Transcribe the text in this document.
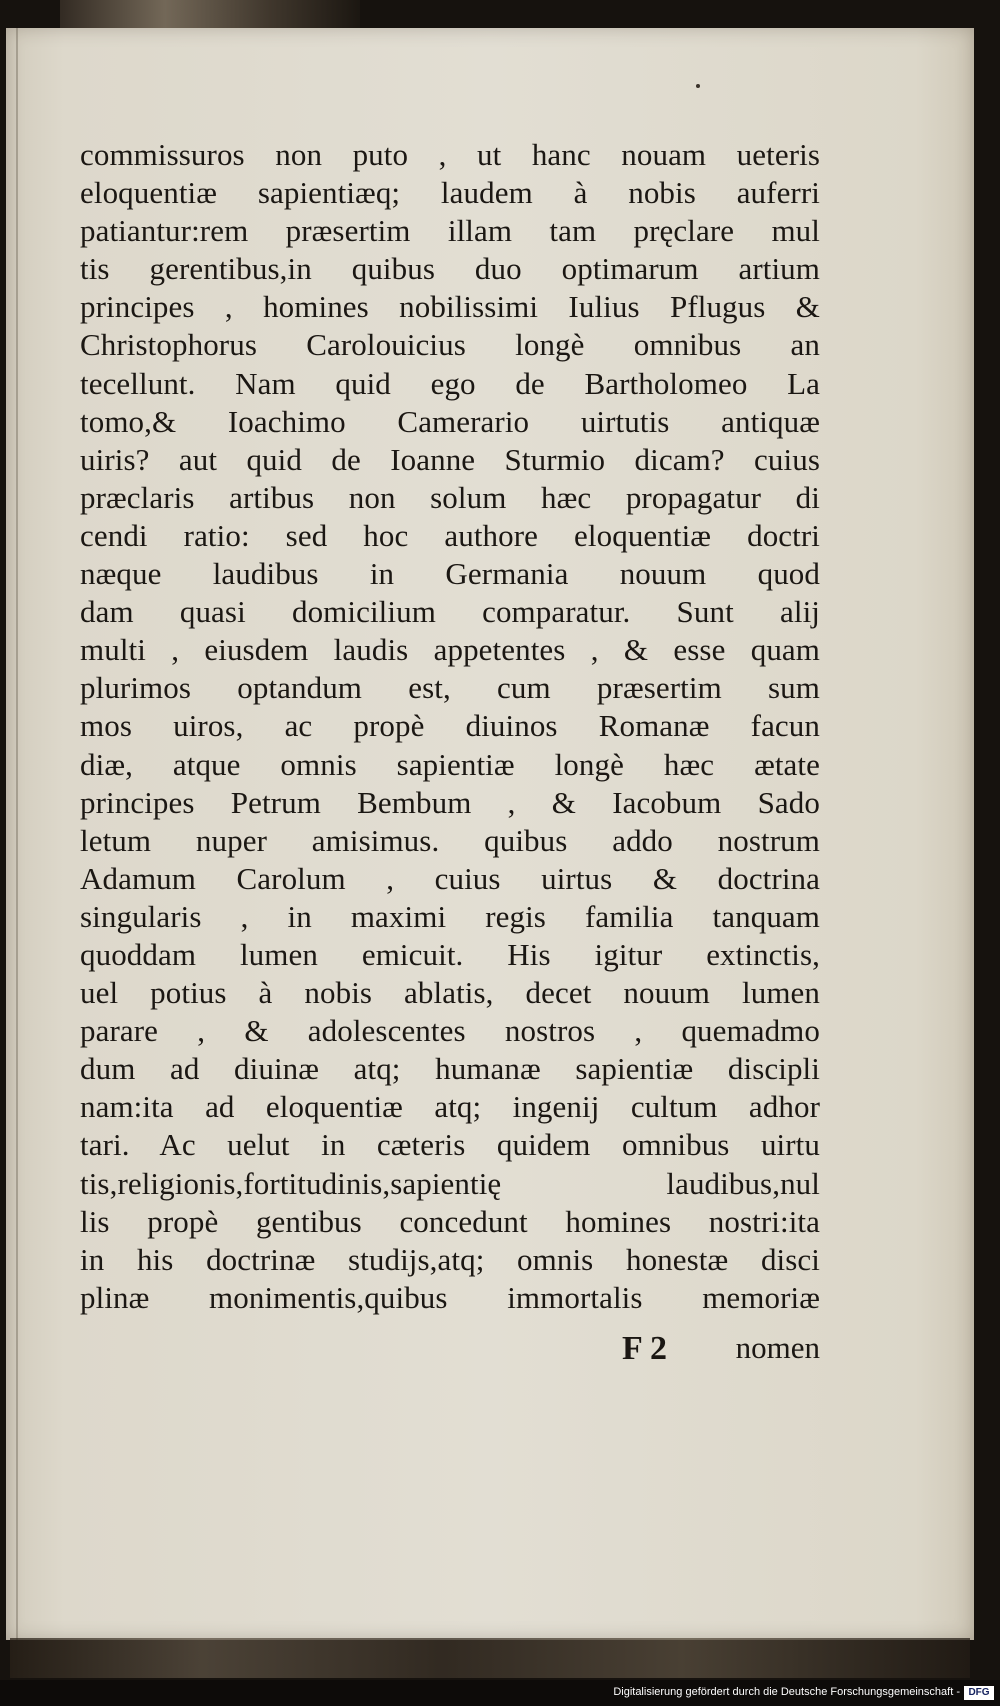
commissuros non puto , ut hanc nouam ueteris
eloquentiæ sapientiæq; laudem à nobis auferri
patiantur:rem præsertim illam tam pręclare mul
tis gerentibus,in quibus duo optimarum artium
principes , homines nobilissimi Iulius Pflugus &
Christophorus Carolouicius longè omnibus an
tecellunt. Nam quid ego de Bartholomeo La
tomo,& Ioachimo Camerario uirtutis antiquæ
uiris? aut quid de Ioanne Sturmio dicam? cuius
præclaris artibus non solum hæc propagatur di
cendi ratio: sed hoc authore eloquentiæ doctri
næque laudibus in Germania nouum quod
dam quasi domicilium comparatur. Sunt alij
multi , eiusdem laudis appetentes , & esse quam
plurimos optandum est, cum præsertim sum
mos uiros, ac propè diuinos Romanæ facun
diæ, atque omnis sapientiæ longè hæc ætate
principes Petrum Bembum , & Iacobum Sado
letum nuper amisimus. quibus addo nostrum
Adamum Carolum , cuius uirtus & doctrina
singularis , in maximi regis familia tanquam
quoddam lumen emicuit. His igitur extinctis,
uel potius à nobis ablatis, decet nouum lumen
parare , & adolescentes nostros , quemadmo
dum ad diuinæ atq; humanæ sapientiæ discipli
nam:ita ad eloquentiæ atq; ingenij cultum adhor
tari. Ac uelut in cæteris quidem omnibus uirtu
tis,religionis,fortitudinis,sapientię laudibus,nul
lis propè gentibus concedunt homines nostri:ita
in his doctrinæ studijs,atq; omnis honestæ disci
plinæ monimentis,quibus immortalis memoriæ
F 2 nomen
Digitalisierung gefördert durch die Deutsche Forschungsgemeinschaft - DFG
